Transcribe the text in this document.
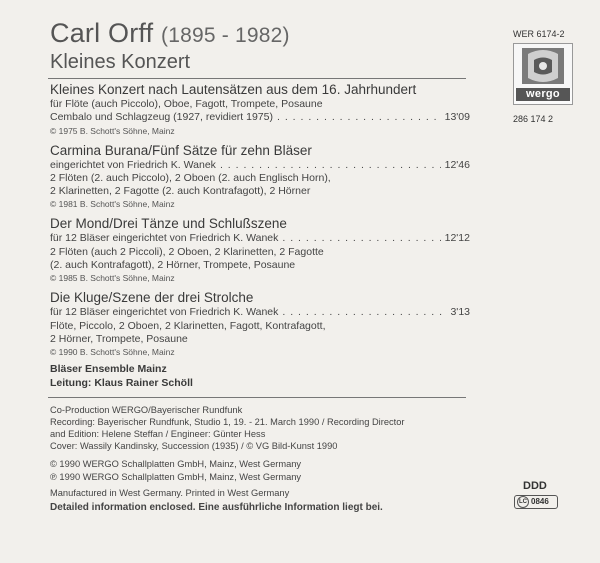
Carl Orff (1895 - 1982)
Kleines Konzert
WER 6174-2
wergo
286 174 2
Kleines Konzert nach Lautensätzen aus dem 16. Jahrhundert
für Flöte (auch Piccolo), Oboe, Fagott, Trompete, Posaune
Cembalo und Schlagzeug (1927, revidiert 1975) . . .	13'09
© 1975 B. Schott's Söhne, Mainz
Carmina Burana/Fünf Sätze für zehn Bläser
eingerichtet von Friedrich K. Wanek . . .	12'46
2 Flöten (2. auch Piccolo), 2 Oboen (2. auch Englisch Horn),
2 Klarinetten, 2 Fagotte (2. auch Kontrafagott), 2 Hörner
© 1981 B. Schott's Söhne, Mainz
Der Mond/Drei Tänze und Schlußszene
für 12 Bläser eingerichtet von Friedrich K. Wanek . . .	12'12
2 Flöten (auch 2 Piccoli), 2 Oboen, 2 Klarinetten, 2 Fagotte
(2. auch Kontrafagott), 2 Hörner, Trompete, Posaune
© 1985 B. Schott's Söhne, Mainz
Die Kluge/Szene der drei Strolche
für 12 Bläser eingerichtet von Friedrich K. Wanek . . .	3'13
Flöte, Piccolo, 2 Oboen, 2 Klarinetten, Fagott, Kontrafagott,
2 Hörner, Trompete, Posaune
© 1990 B. Schott's Söhne, Mainz
Bläser Ensemble Mainz
Leitung: Klaus Rainer Schöll
Co-Production WERGO/Bayerischer Rundfunk
Recording: Bayerischer Rundfunk, Studio 1, 19. - 21. March 1990 / Recording Director
and Edition: Helene Steffan / Engineer: Günter Hess
Cover: Wassily Kandinsky, Succession (1935) / © VG Bild-Kunst 1990
© 1990 WERGO Schallplatten GmbH, Mainz, West Germany
℗ 1990 WERGO Schallplatten GmbH, Mainz, West Germany
Manufactured in West Germany. Printed in West Germany
Detailed information enclosed. Eine ausführliche Information liegt bei.
DDD
LC 0846
